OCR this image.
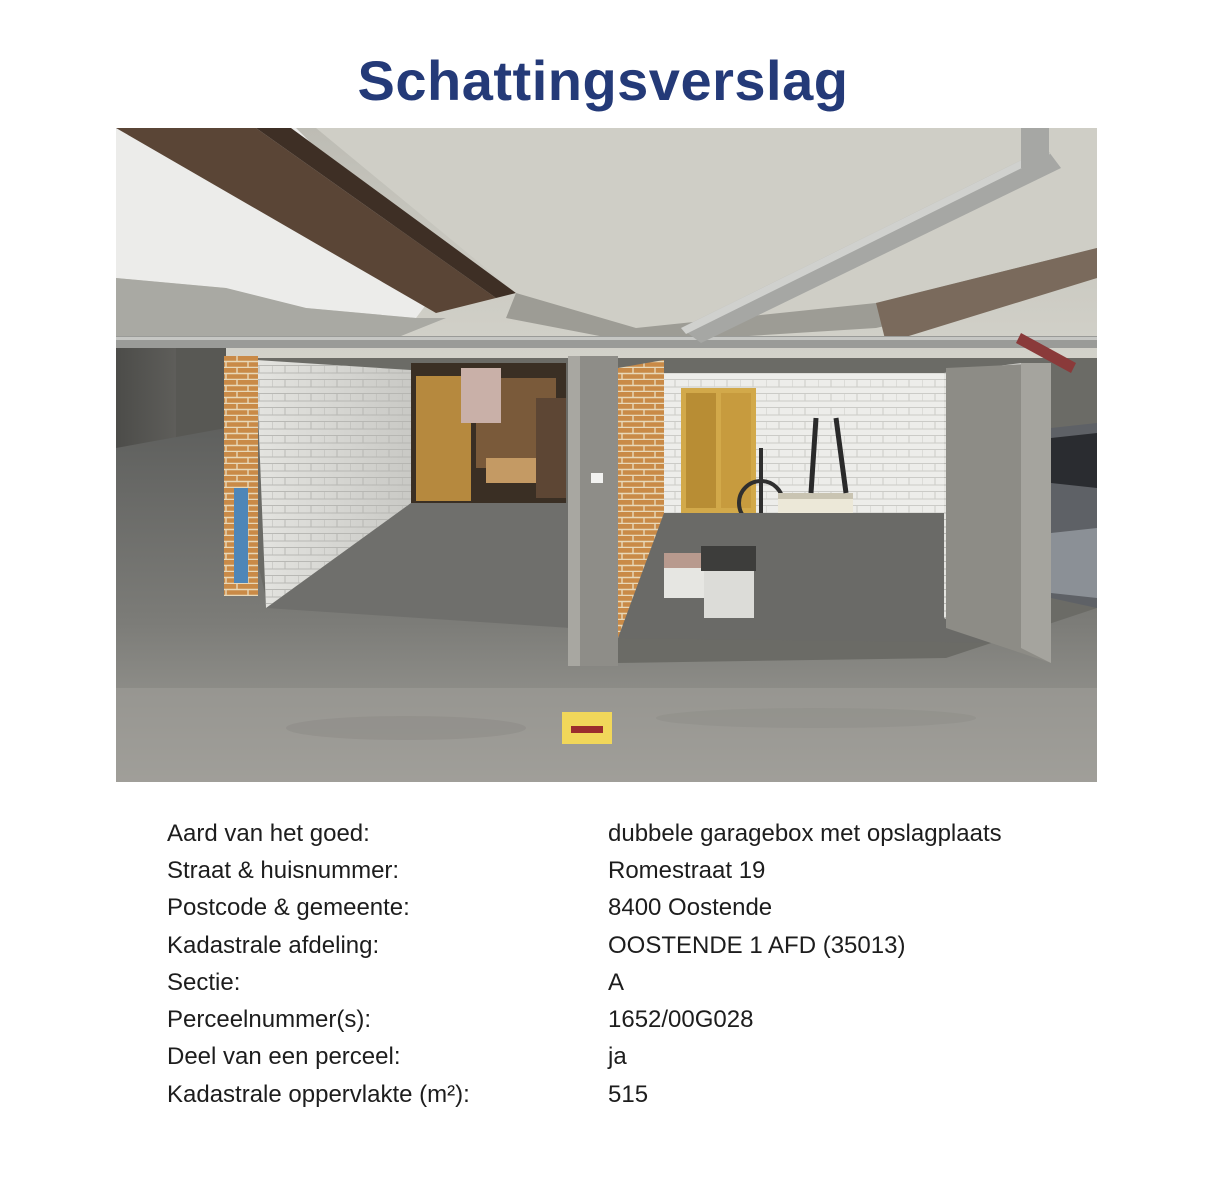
Schattingsverslag
Aard van het goed:	dubbele garagebox met opslagplaats
Straat & huisnummer:	Romestraat 19
Postcode & gemeente:	8400 Oostende
Kadastrale afdeling:	OOSTENDE 1 AFD (35013)
Sectie:	A
Perceelnummer(s):	1652/00G028
Deel van een perceel:	ja
Kadastrale oppervlakte (m²):	515
